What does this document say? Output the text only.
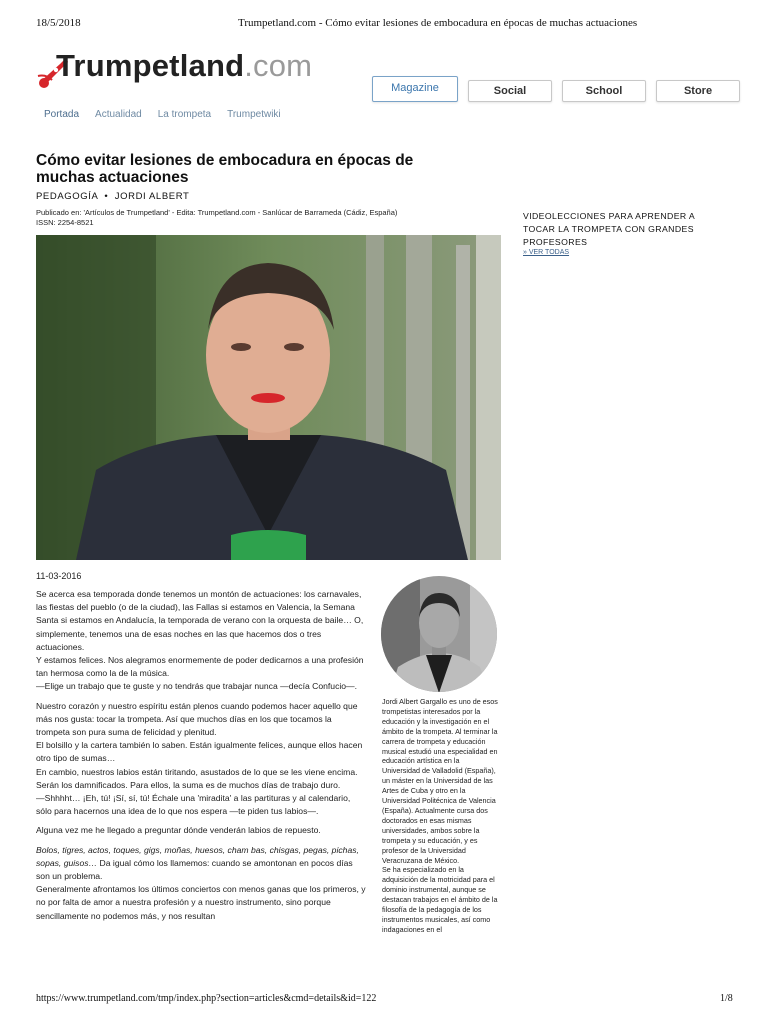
18/5/2018	Trumpetland.com - Cómo evitar lesiones de embocadura en épocas de muchas actuaciones
https://www.trumpetland.com/tmp/index.php?section=articles&cmd=details&id=122	1/8
Trumpetland.com
Magazine	Social	School	Store
Portada Actualidad La trompeta Trumpetwiki
Cómo evitar lesiones de embocadura en épocas de muchas actuaciones
PEDAGOGÍA  •  JORDI ALBERT
Publicado en: 'Artículos de Trumpetland' - Edita: Trumpetland.com - Sanlúcar de Barrameda (Cádiz, España)
ISSN: 2254-8521
VIDEOLECCIONES PARA APRENDER A TOCAR LA TROMPETA CON GRANDES PROFESORES
» VER TODAS
11-03-2016

Se acerca esa temporada donde tenemos un montón de actuaciones: los carnavales, las fiestas del pueblo (o de la ciudad), las Fallas si estamos en Valencia, la Semana Santa si estamos en Andalucía, la temporada de verano con la orquesta de baile… O, simplemente, tenemos una de esas noches en las que hacemos dos o tres actuaciones.

Y estamos felices. Nos alegramos enormemente de poder dedicarnos a una profesión tan hermosa como la de la música.

—Elige un trabajo que te guste y no tendrás que trabajar nunca —decía Confucio—.

Nuestro corazón y nuestro espíritu están plenos cuando podemos hacer aquello que más nos gusta: tocar la trompeta. Así que muchos días en los que tocamos la trompeta son pura suma de felicidad y plenitud.

El bolsillo y la cartera también lo saben. Están igualmente felices, aunque ellos hacen otro tipo de sumas…

En cambio, nuestros labios están tiritando, asustados de lo que se les viene encima. Serán los damnificados. Para ellos, la suma es de muchos días de trabajo duro.

—Shhhht… ¡Eh, tú! ¡Sí, sí, tú! Échale una 'miradita' a las partituras y al calendario, sólo para hacernos una idea de lo que nos espera —te piden tus labios—.

Alguna vez me he llegado a preguntar dónde venderán labios de repuesto.

Bolos, tigres, actos, toques, gigs, moñas, huesos, cham bas, chisgas, pegas, pichas, sopas, guisos… Da igual cómo los llamemos: cuando se amontonan en pocos días son un problema.

Generalmente afrontamos los últimos conciertos con menos ganas que los primeros, y no por falta de amor a nuestra profesión y a nuestro instrumento, sino porque sencillamente no podemos más, y nos resultan

Jordi Albert Gargallo es uno de esos trompetistas interesados por la educación y la investigación en el ámbito de la trompeta. Al terminar la carrera de trompeta y educación musical estudió una especialidad en educación artística en la Universidad de Valladolid (España), un máster en la Universidad de las Artes de Cuba y otro en la Universidad Politécnica de Valencia (España). Actualmente cursa dos doctorados en esas mismas universidades, ambos sobre la trompeta y su educación, y es profesor de la Universidad Veracruzana de México.
Se ha especializado en la adquisición de la motricidad para el dominio instrumental, aunque se destacan trabajos en el ámbito de la filosofía de la pedagogía de los instrumentos musicales, así como indagaciones en el
